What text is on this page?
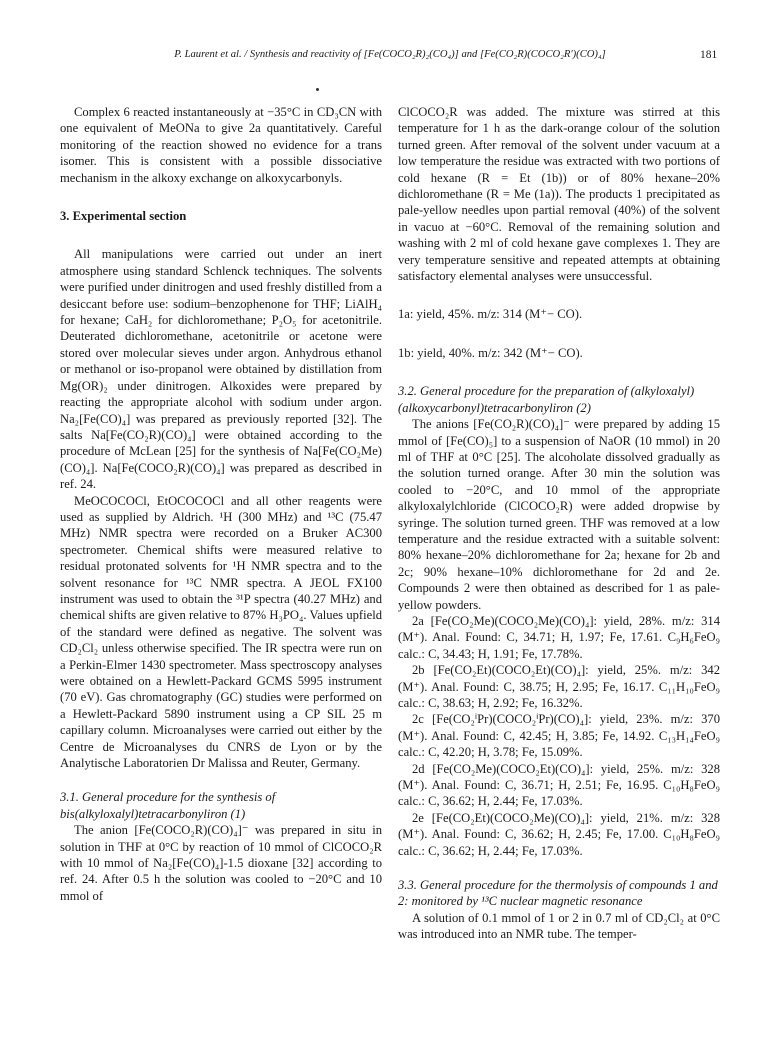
P. Laurent et al. / Synthesis and reactivity of [Fe(COCO₂R)₂(CO₄)] and [Fe(CO₂R)(COCO₂R′)(CO)₄]	181

Complex 6 reacted instantaneously at −35°C in CD₃CN with one equivalent of MeONa to give 2a quantitatively. Careful monitoring of the reaction showed no evidence for a trans isomer. This is consistent with a possible dissociative mechanism in the alkoxy exchange on alkoxycarbonyls.

3. Experimental section

All manipulations were carried out under an inert atmosphere using standard Schlenck techniques. The solvents were purified under dinitrogen and used freshly distilled from a desiccant before use: sodium–benzophenone for THF; LiAlH₄ for hexane; CaH₂ for dichloromethane; P₂O₅ for acetonitrile. Deuterated dichloromethane, acetonitrile or acetone were stored over molecular sieves under argon. Anhydrous ethanol or methanol or iso-propanol were obtained by distillation from Mg(OR)₂ under dinitrogen. Alkoxides were prepared by reacting the appropriate alcohol with sodium under argon. Na₂[Fe(CO)₄] was prepared as previously reported [32]. The salts Na[Fe(CO₂R)(CO)₄] were obtained according to the procedure of McLean [25] for the synthesis of Na[Fe(CO₂Me)(CO)₄]. Na[Fe(COCO₂R)(CO)₄] was prepared as described in ref. 24.

MeOCOCOCl, EtOCOCOCl and all other reagents were used as supplied by Aldrich. ¹H (300 MHz) and ¹³C (75.47 MHz) NMR spectra were recorded on a Bruker AC300 spectrometer. Chemical shifts were measured relative to residual protonated solvents for ¹H NMR spectra and to the solvent resonance for ¹³C NMR spectra. A JEOL FX100 instrument was used to obtain the ³¹P spectra (40.27 MHz) and chemical shifts are given relative to 87% H₃PO₄. Values upfield of the standard were defined as negative. The solvent was CD₂Cl₂ unless otherwise specified. The IR spectra were run on a Perkin-Elmer 1430 spectrometer. Mass spectroscopy analyses were obtained on a Hewlett-Packard GCMS 5995 instrument (70 eV). Gas chromatography (GC) studies were performed on a Hewlett-Packard 5890 instrument using a CP SIL 25 m capillary column. Microanalyses were carried out either by the Centre de Microanalyses du CNRS de Lyon or by the Analytische Laboratorien Dr Malissa and Reuter, Germany.

3.1. General procedure for the synthesis of bis(alkyloxalyl)tetracarbonyliron (1)

The anion [Fe(COCO₂R)(CO)₄]⁻ was prepared in situ in solution in THF at 0°C by reaction of 10 mmol of ClCOCO₂R with 10 mmol of Na₂[Fe(CO)₄]-1.5 dioxane [32] according to ref. 24. After 0.5 h the solution was cooled to −20°C and 10 mmol of

ClCOCO₂R was added. The mixture was stirred at this temperature for 1 h as the dark-orange colour of the solution turned green. After removal of the solvent under vacuum at a low temperature the residue was extracted with two portions of cold hexane (R = Et (1b)) or of 80% hexane–20% dichloromethane (R = Me (1a)). The products 1 precipitated as pale-yellow needles upon partial removal (40%) of the solvent in vacuo at −60°C. Removal of the remaining solution and washing with 2 ml of cold hexane gave complexes 1. They are very temperature sensitive and repeated attempts at obtaining satisfactory elemental analyses were unsuccessful.

1a: yield, 45%. m/z: 314 (M⁺− CO).

1b: yield, 40%. m/z: 342 (M⁺− CO).

3.2. General procedure for the preparation of (alkyloxalyl)(alkoxycarbonyl)tetracarbonyliron (2)

The anions [Fe(CO₂R)(CO)₄]⁻ were prepared by adding 15 mmol of [Fe(CO)₅] to a suspension of NaOR (10 mmol) in 20 ml of THF at 0°C [25]. The alcoholate dissolved gradually as the solution turned orange. After 30 min the solution was cooled to −20°C, and 10 mmol of the appropriate alkyloxalylchloride (ClCOCO₂R) were added dropwise by syringe. The solution turned green. THF was removed at a low temperature and the residue extracted with a suitable solvent: 80% hexane–20% dichloromethane for 2a; hexane for 2b and 2c; 90% hexane–10% dichloromethane for 2d and 2e. Compounds 2 were then obtained as described for 1 as pale-yellow powders.

2a [Fe(CO₂Me)(COCO₂Me)(CO)₄]: yield, 28%. m/z: 314 (M⁺). Anal. Found: C, 34.71; H, 1.97; Fe, 17.61. C₉H₆FeO₉ calc.: C, 34.43; H, 1.91; Fe, 17.78%.

2b [Fe(CO₂Et)(COCO₂Et)(CO)₄]: yield, 25%. m/z: 342 (M⁺). Anal. Found: C, 38.75; H, 2.95; Fe, 16.17. C₁₁H₁₀FeO₉ calc.: C, 38.63; H, 2.92; Fe, 16.32%.

2c [Fe(CO₂ⁱPr)(COCO₂ⁱPr)(CO)₄]: yield, 23%. m/z: 370 (M⁺). Anal. Found: C, 42.45; H, 3.85; Fe, 14.92. C₁₃H₁₄FeO₉ calc.: C, 42.20; H, 3.78; Fe, 15.09%.

2d [Fe(CO₂Me)(COCO₂Et)(CO)₄]: yield, 25%. m/z: 328 (M⁺). Anal. Found: C, 36.71; H, 2.51; Fe, 16.95. C₁₀H₈FeO₉ calc.: C, 36.62; H, 2.44; Fe, 17.03%.

2e [Fe(CO₂Et)(COCO₂Me)(CO)₄]: yield, 21%. m/z: 328 (M⁺). Anal. Found: C, 36.62; H, 2.45; Fe, 17.00. C₁₀H₈FeO₉ calc.: C, 36.62; H, 2.44; Fe, 17.03%.

3.3. General procedure for the thermolysis of compounds 1 and 2: monitored by ¹³C nuclear magnetic resonance

A solution of 0.1 mmol of 1 or 2 in 0.7 ml of CD₂Cl₂ at 0°C was introduced into an NMR tube. The temper-
